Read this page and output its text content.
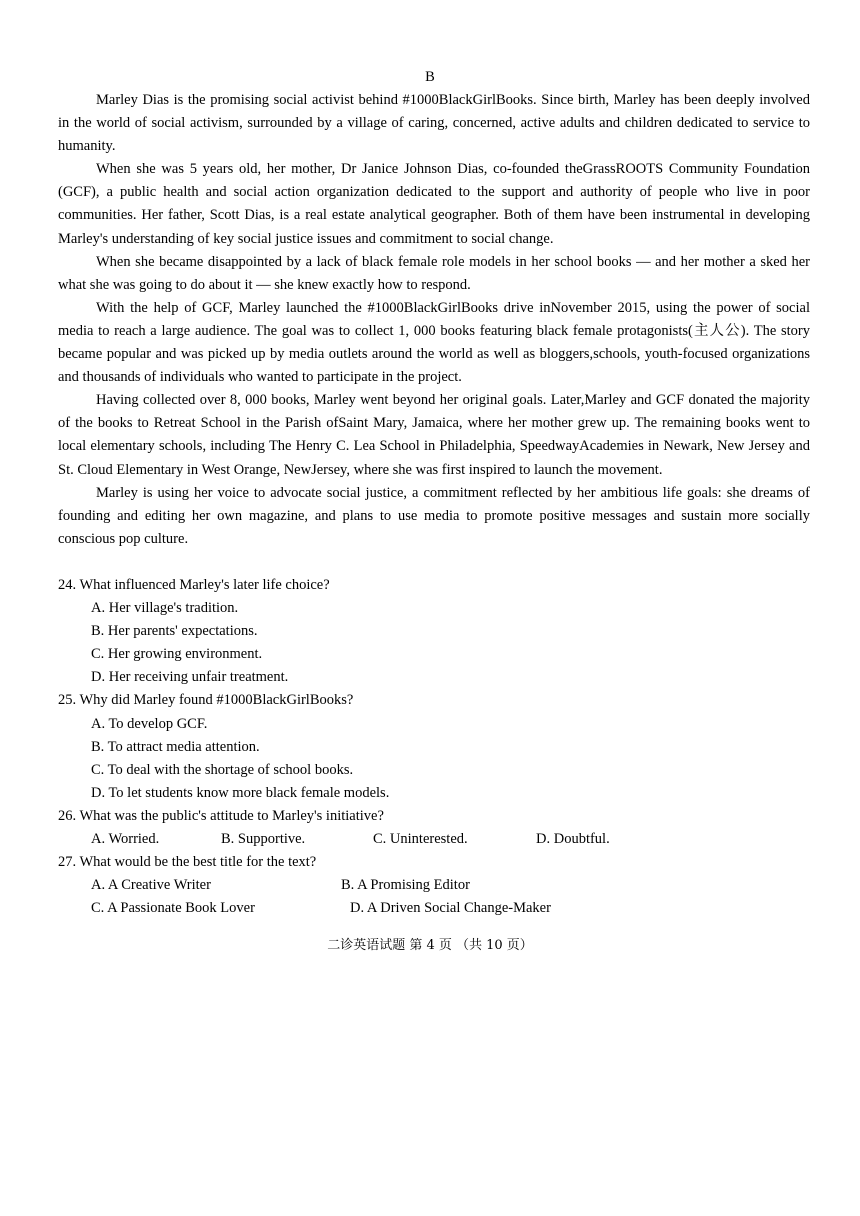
B

Marley Dias is the promising social activist behind #1000BlackGirlBooks. Since birth, Marley has been deeply involved in the world of social activism, surrounded by a village of caring, concerned, active adults and children dedicated to service to humanity.

When she was 5 years old, her mother, Dr Janice Johnson Dias, co-founded theGrassROOTS Community Foundation (GCF), a public health and social action organization dedicated to the support and authority of people who live in poor communities. Her father, Scott Dias, is a real estate analytical geographer. Both of them have been instrumental in developing Marley's understanding of key social justice issues and commitment to social change.

When she became disappointed by a lack of black female role models in her school books — and her mother a sked her what she was going to do about it — she knew exactly how to respond.

With the help of GCF, Marley launched the #1000BlackGirlBooks drive inNovember 2015, using the power of social media to reach a large audience. The goal was to collect 1, 000 books featuring black female protagonists(主人公). The story became popular and was picked up by media outlets around the world as well as bloggers,schools, youth-focused organizations and thousands of individuals who wanted to participate in the project.

Having collected over 8, 000 books, Marley went beyond her original goals. Later,Marley and GCF donated the majority of the books to Retreat School in the Parish ofSaint Mary, Jamaica, where her mother grew up. The remaining books went to local elementary schools, including The Henry C. Lea School in Philadelphia, SpeedwayAcademies in Newark, New Jersey and St. Cloud Elementary in West Orange, NewJersey, where she was first inspired to launch the movement.

Marley is using her voice to advocate social justice, a commitment reflected by her ambitious life goals: she dreams of founding and editing her own magazine, and plans to use media to promote positive messages and sustain more socially conscious pop culture.

24. What influenced Marley's later life choice?

A. Her village's tradition.

B. Her parents' expectations.

C. Her growing environment.

D. Her receiving unfair treatment.

25. Why did Marley found #1000BlackGirlBooks?

A. To develop GCF.

B. To attract media attention.

C. To deal with the shortage of school books.

D. To let students know more black female models.

26. What was the public's attitude to Marley's initiative?

A. Worried.	B. Supportive.	C. Uninterested.	D. Doubtful.

27. What would be the best title for the text?

A. A Creative Writer	B. A Promising Editor
C. A Passionate Book Lover	D. A Driven Social Change-Maker
二诊英语试题 第 4 页 （共 10 页）
